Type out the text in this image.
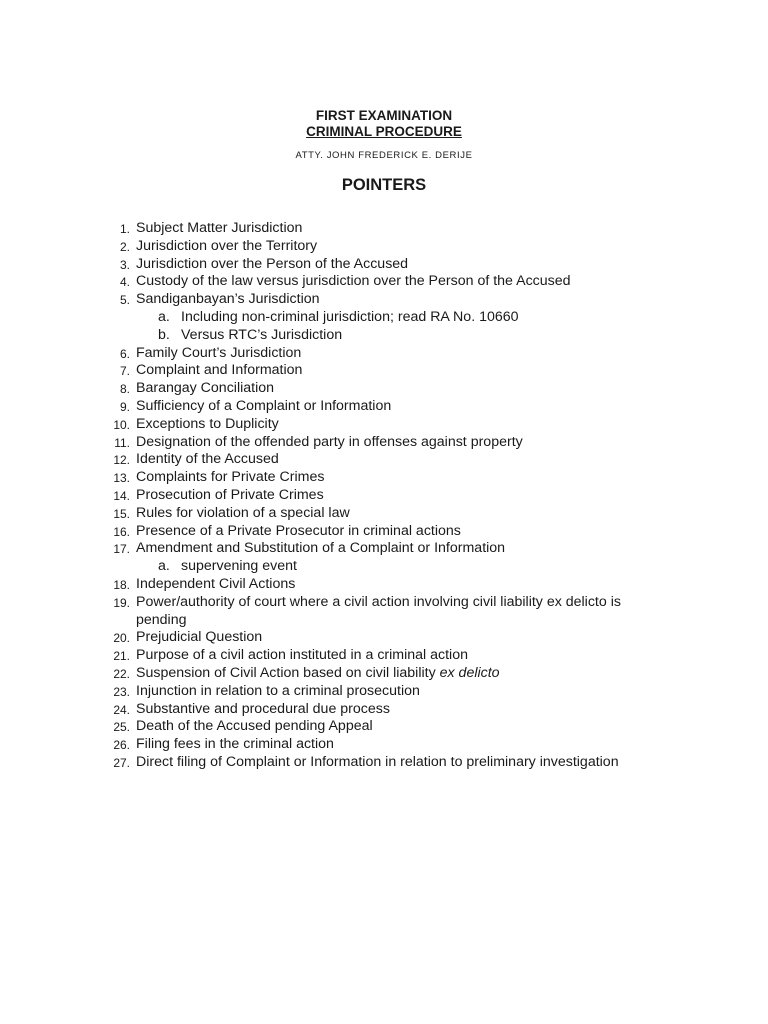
FIRST EXAMINATION
CRIMINAL PROCEDURE
ATTY. JOHN FREDERICK E. DERIJE
POINTERS
1. Subject Matter Jurisdiction
2. Jurisdiction over the Territory
3. Jurisdiction over the Person of the Accused
4. Custody of the law versus jurisdiction over the Person of the Accused
5. Sandiganbayan’s Jurisdiction
a. Including non-criminal jurisdiction; read RA No. 10660
b. Versus RTC’s Jurisdiction
6. Family Court’s Jurisdiction
7. Complaint and Information
8. Barangay Conciliation
9. Sufficiency of a Complaint or Information
10. Exceptions to Duplicity
11. Designation of the offended party in offenses against property
12. Identity of the Accused
13. Complaints for Private Crimes
14. Prosecution of Private Crimes
15. Rules for violation of a special law
16. Presence of a Private Prosecutor in criminal actions
17. Amendment and Substitution of a Complaint or Information
a. supervening event
18. Independent Civil Actions
19. Power/authority of court where a civil action involving civil liability ex delicto is pending
20. Prejudicial Question
21. Purpose of a civil action instituted in a criminal action
22. Suspension of Civil Action based on civil liability ex delicto
23. Injunction in relation to a criminal prosecution
24. Substantive and procedural due process
25. Death of the Accused pending Appeal
26. Filing fees in the criminal action
27. Direct filing of Complaint or Information in relation to preliminary investigation
